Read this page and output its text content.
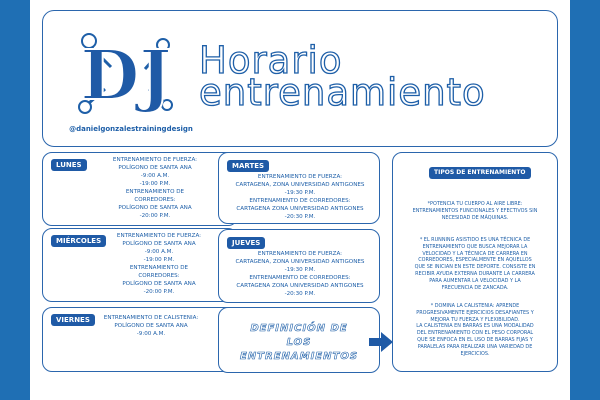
DJ
@danielgonzalestrainingdesign
Horario
entrenamiento
LUNES
ENTRENAMIENTO DE FUERZA:
POLÍGONO DE SANTA ANA
-9:00 A.M.
-19:00 P.M.
ENTRENAMIENTO DE
CORREDORES:
POLÍGONO DE SANTA ANA
-20:00 P.M.
MIÉRCOLES
ENTRENAMIENTO DE FUERZA:
POLÍGONO DE SANTA ANA
-9:00 A.M.
-19:00 P.M.
ENTRENAMIENTO DE
CORREDORES:
POLÍGONO DE SANTA ANA
-20:00 P.M.
VIERNES	ENTRENAMIENTO DE CALISTENIA:
POLÍGONO DE SANTA ANA
-9:00 A.M.
MARTES
ENTRENAMIENTO DE FUERZA:
CARTAGENA, ZONA UNIVERSIDAD ANTIGONES
-19:30 P.M.
ENTRENAMIENTO DE CORREDORES:
CARTAGENA ZONA UNIVERSIDAD ANTIGONES
-20:30 P.M.
JUEVES
ENTRENAMIENTO DE FUERZA:
CARTAGENA, ZONA UNIVERSIDAD ANTIGONES
-19:30 P.M.
ENTRENAMIENTO DE CORREDORES:
CARTAGENA ZONA UNIVERSIDAD ANTIGONES
-20:30 P.M.
DEFINICIÓN DE
LOS
ENTRENAMIENTOS
TIPOS DE ENTRENAMIENTO
*POTENCIA TU CUERPO AL AIRE LIBRE:
ENTRENAMIENTOS FUNCIONALES Y EFECTIVOS SIN
NECESIDAD DE MÁQUINAS.
* EL RUNNING ASISTIDO ES UNA TÉCNICA DE
ENTRENAMIENTO QUE BUSCA MEJORAR LA
VELOCIDAD Y LA TÉCNICA DE CARRERA EN
CORREDORES, ESPECIALMENTE EN AQUELLOS
QUE SE INICIAN EN ESTE DEPORTE. CONSISTE EN
RECIBIR AYUDA EXTERNA DURANTE LA CARRERA
PARA AUMENTAR LA VELOCIDAD Y LA
FRECUENCIA DE ZANCADA.
* DOMINA LA CALISTENIA: APRENDE
PROGRESIVAMENTE EJERCICIOS DESAFIANTES Y
MEJORA TU FUERZA Y FLEXIBILIDAD.
LA CALISTENIA EN BARRAS ES UNA MODALIDAD
DEL ENTRENAMIENTO CON EL PESO CORPORAL
QUE SE ENFOCA EN EL USO DE BARRAS FIJAS Y
PARALELAS PARA REALIZAR UNA VARIEDAD DE
EJERCICIOS.
